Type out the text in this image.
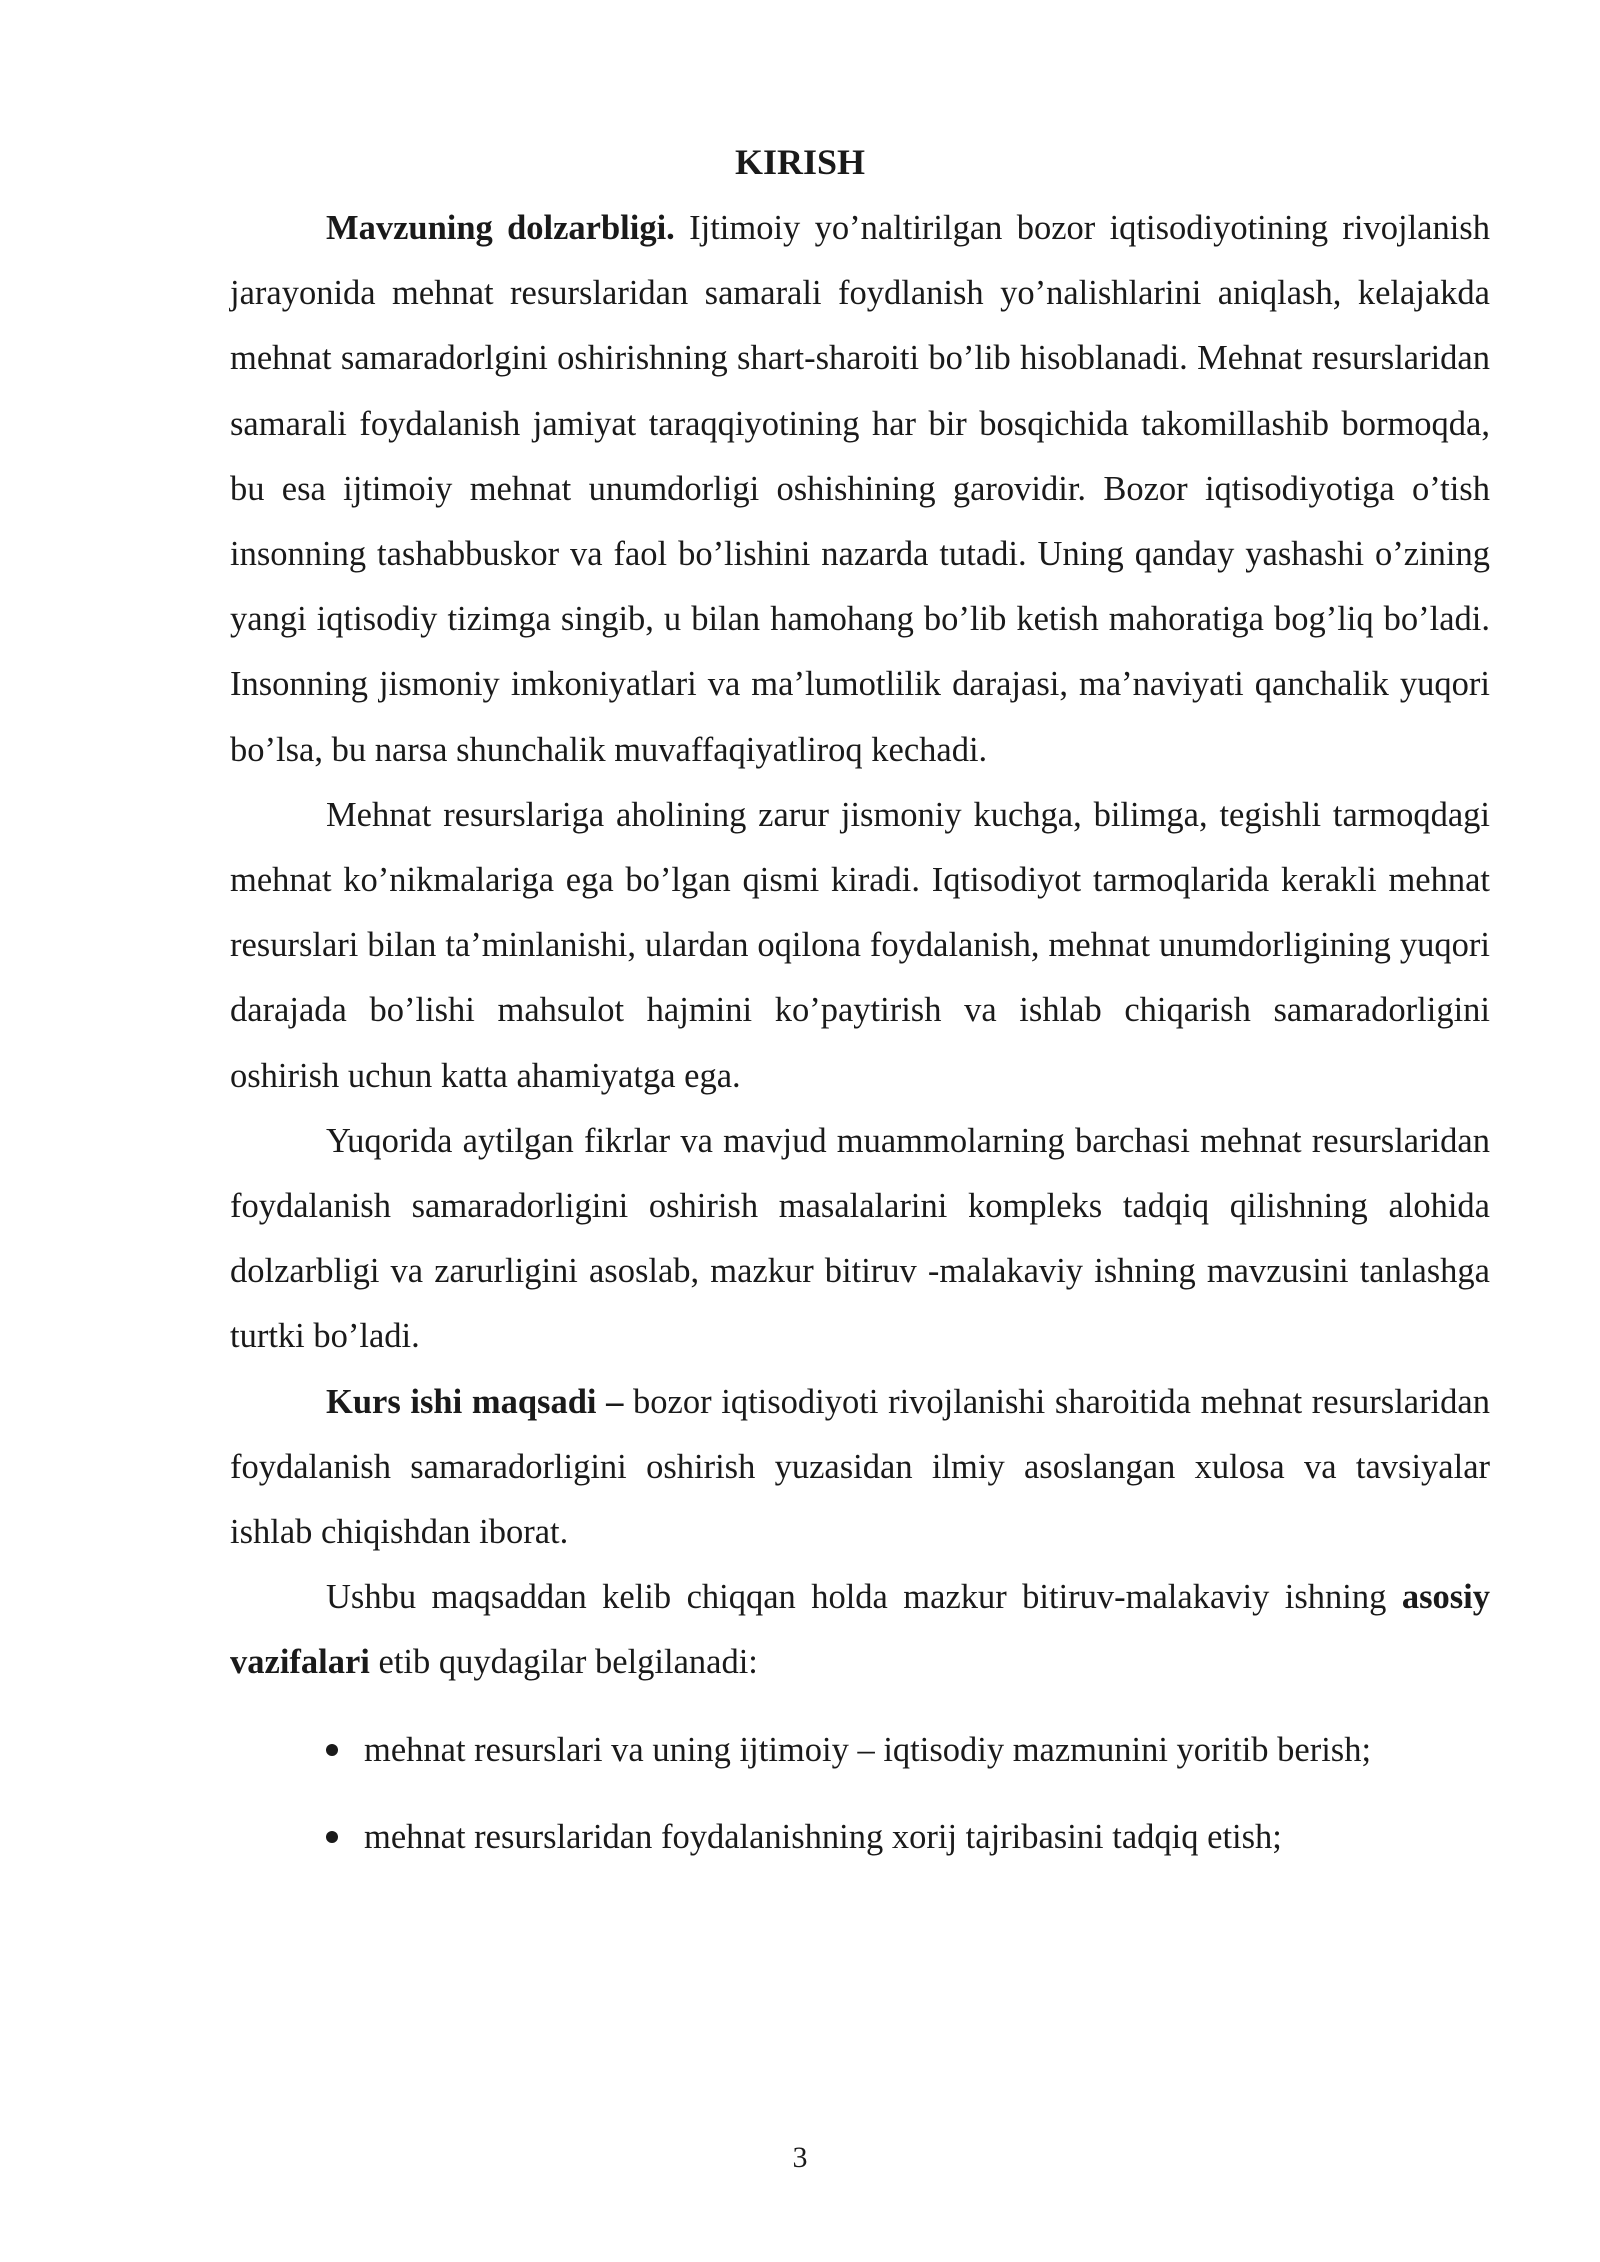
KIRISH

Mavzuning dolzarbligi. Ijtimoiy yo’naltirilgan bozor iqtisodiyotining rivojlanish jarayonida mehnat resurslaridan samarali foydlanish yo’nalishlarini aniqlash, kelajakda mehnat samaradorlgini oshirishning shart-sharoiti bo’lib hisoblanadi. Mehnat resurslaridan samarali foydalanish jamiyat taraqqiyotining har bir bosqichida takomillashib bormoqda, bu esa ijtimoiy mehnat unumdorligi oshishining garovidir. Bozor iqtisodiyotiga o’tish insonning tashabbuskor va faol bo’lishini nazarda tutadi. Uning qanday yashashi o’zining yangi iqtisodiy tizimga singib, u bilan hamohang bo’lib ketish mahoratiga bog’liq bo’ladi. Insonning jismoniy imkoniyatlari va ma’lumotlilik darajasi, ma’naviyati qanchalik yuqori bo’lsa, bu narsa shunchalik muvaffaqiyatliroq kechadi.

Mehnat resurslariga aholining zarur jismoniy kuchga, bilimga, tegishli tarmoqdagi mehnat ko’nikmalariga ega bo’lgan qismi kiradi. Iqtisodiyot tarmoqlarida kerakli mehnat resurslari bilan ta’minlanishi, ulardan oqilona foydalanish, mehnat unumdorligining yuqori darajada bo’lishi mahsulot hajmini ko’paytirish va ishlab chiqarish samaradorligini oshirish uchun katta ahamiyatga ega.

Yuqorida aytilgan fikrlar va mavjud muammolarning barchasi mehnat resurslaridan foydalanish samaradorligini oshirish masalalarini kompleks tadqiq qilishning alohida dolzarbligi va zarurligini asoslab, mazkur bitiruv -malakaviy ishning mavzusini tanlashga turtki bo’ladi.

Kurs ishi maqsadi – bozor iqtisodiyoti rivojlanishi sharoitida mehnat resurslaridan foydalanish samaradorligini oshirish yuzasidan ilmiy asoslangan xulosa va tavsiyalar ishlab chiqishdan iborat.

Ushbu maqsaddan kelib chiqqan holda mazkur bitiruv-malakaviy ishning asosiy vazifalari etib quydagilar belgilanadi:

mehnat resurslari va uning ijtimoiy – iqtisodiy mazmunini yoritib berish;
mehnat resurslaridan foydalanishning xorij tajribasini tadqiq etish;
3
